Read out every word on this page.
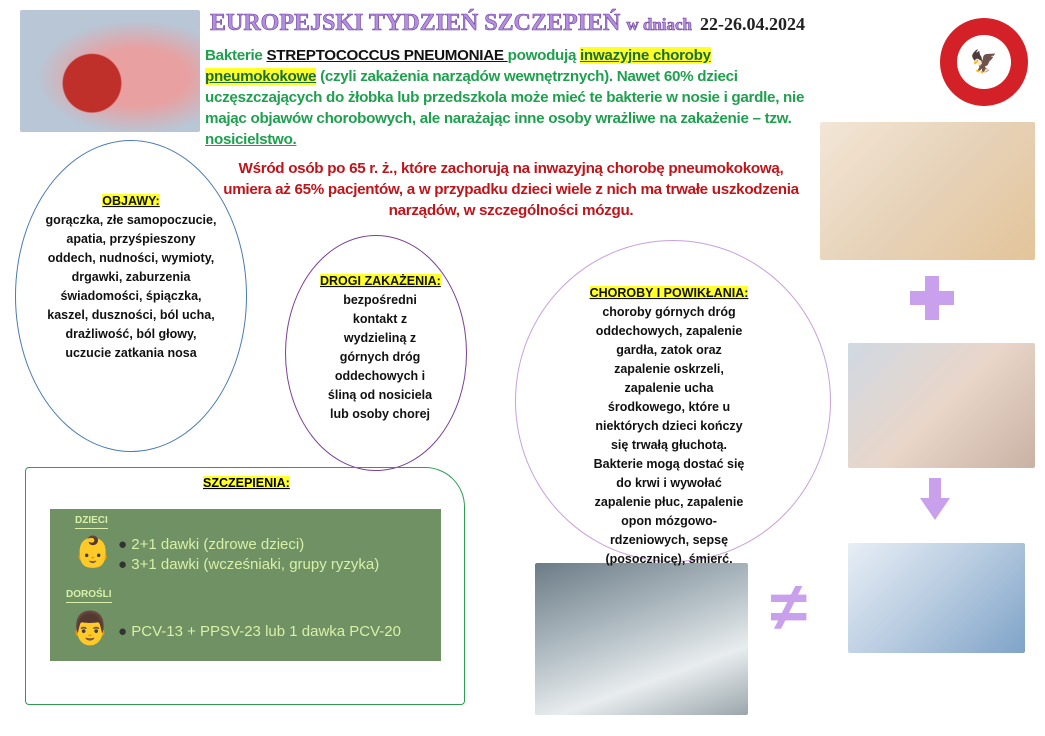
EUROPEJSKI TYDZIEŃ SZCZEPIEŃ w dniach 22-26.04.2024
🦅
Bakterie STREPTOCOCCUS PNEUMONIAE powodują inwazyjne choroby pneumokokowe (czyli zakażenia narządów wewnętrznych). Nawet 60% dzieci uczęszczających do żłobka lub przedszkola może mieć te bakterie w nosie i gardle, nie mając objawów chorobowych, ale narażając inne osoby wrażliwe na zakażenie – tzw. nosicielstwo.
Wśród osób po 65 r. ż., które zachorują na inwazyjną chorobę pneumokokową, umiera aż 65% pacjentów, a w przypadku dzieci wiele z nich ma trwałe uszkodzenia narządów, w szczególności mózgu.
≠
OBJAWY:
gorączka, złe samopoczucie, apatia, przyśpieszony oddech, nudności, wymioty, drgawki, zaburzenia świadomości, śpiączka, kaszel, duszności, ból ucha, drażliwość, ból głowy, uczucie zatkania nosa
DROGI ZAKAŻENIA:
bezpośredni kontakt z wydzieliną z górnych dróg oddechowych i śliną od nosiciela lub osoby chorej
CHOROBY I POWIKŁANIA:
choroby górnych dróg oddechowych, zapalenie gardła, zatok oraz zapalenie oskrzeli, zapalenie ucha środkowego, które u niektórych dzieci kończy się trwałą głuchotą. Bakterie mogą dostać się do krwi i wywołać zapalenie płuc, zapalenie opon mózgowo-rdzeniowych, sepsę (posocznicę), śmierć.
SZCZEPIENIA:
DZIECI
👶 ● 2+1 dawki (zdrowe dzieci)
● 3+1 dawki (wcześniaki, grupy ryzyka)
DOROŚLI
👨 ● PCV-13 + PPSV-23 lub 1 dawka PCV-20
